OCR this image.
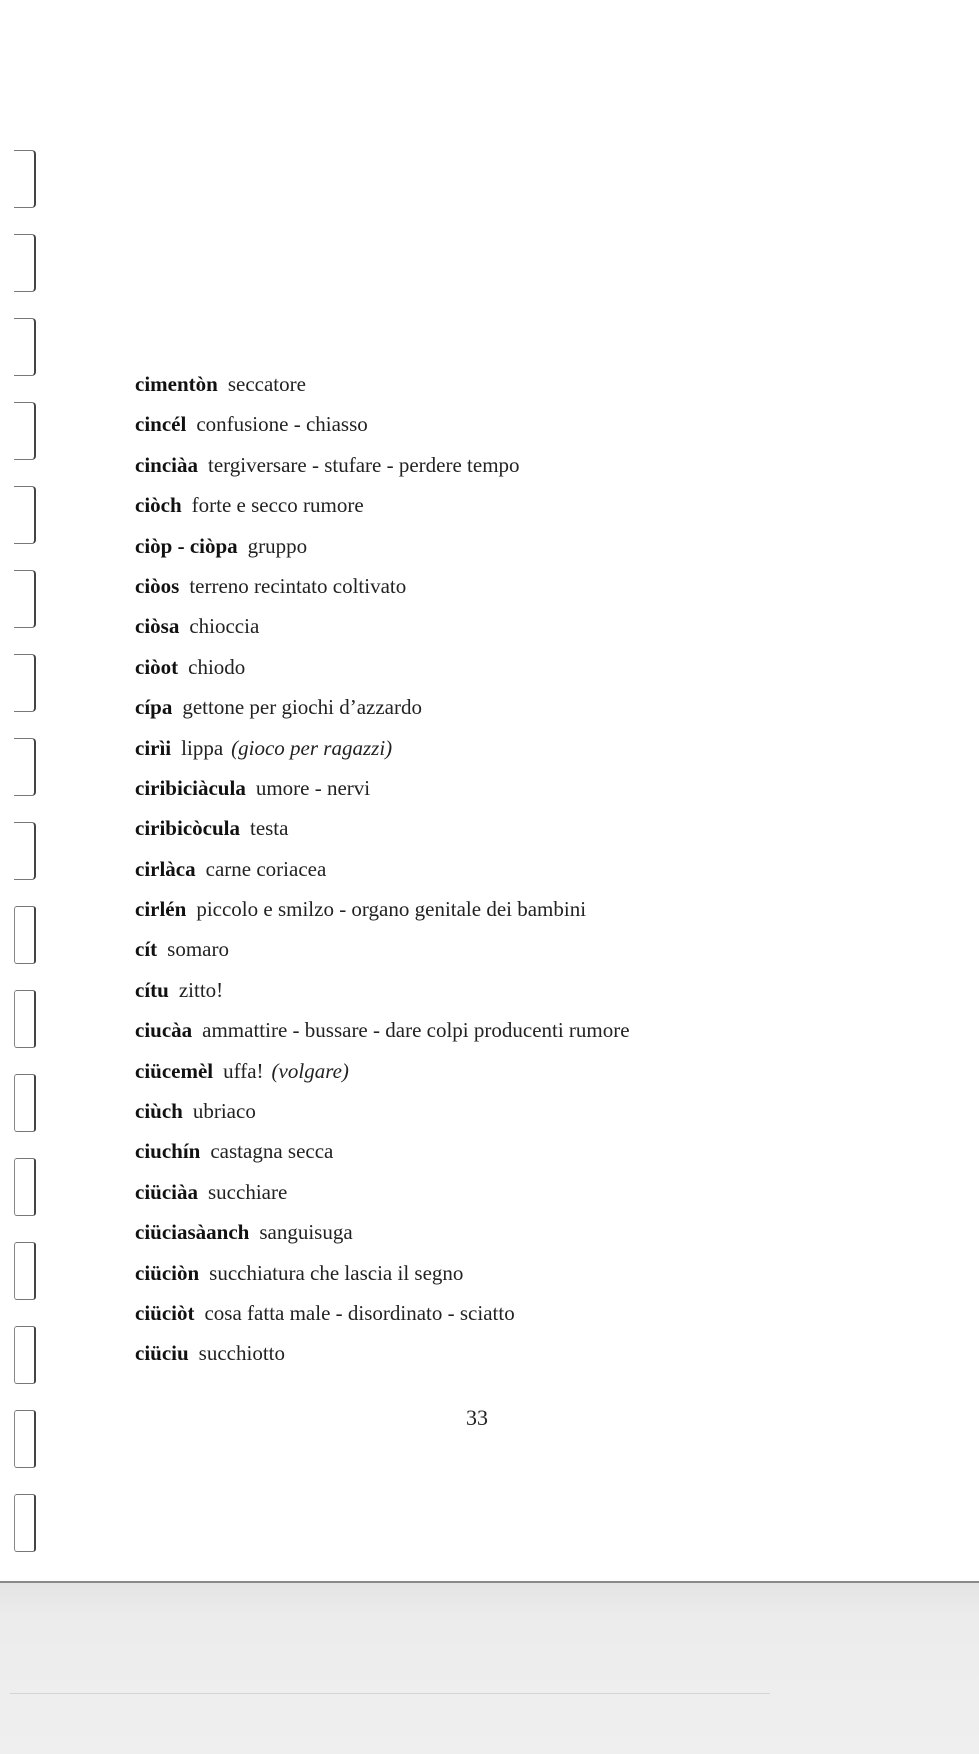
cimentòn seccatore
cincél confusione - chiasso
cinciàa tergiversare - stufare - perdere tempo
ciòch forte e secco rumore
ciòp - ciòpa gruppo
ciòos terreno recintato coltivato
ciòsa chioccia
ciòot chiodo
cípa gettone per giochi d’azzardo
cirìi lippa (gioco per ragazzi)
ciribiciàcula umore - nervi
ciribicòcula testa
cirlàca carne coriacea
cirlén piccolo e smilzo - organo genitale dei bambini
cít somaro
cítu zitto!
ciucàa ammattire - bussare - dare colpi producenti rumore
ciücemèl uffa! (volgare)
ciùch ubriaco
ciuchín castagna secca
ciüciàa succhiare
ciüciasàanch sanguisuga
ciüciòn succhiatura che lascia il segno
ciüciòt cosa fatta male - disordinato - sciatto
ciüciu succhiotto
33
